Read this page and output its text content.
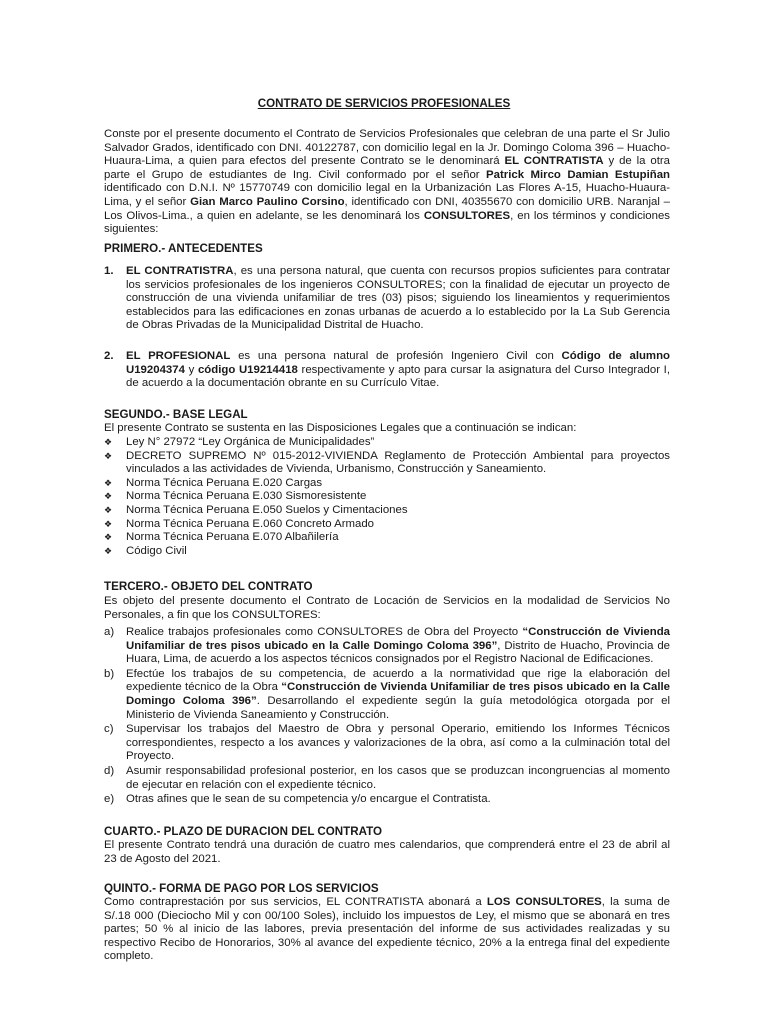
CONTRATO DE SERVICIOS PROFESIONALES
Conste por el presente documento el Contrato de Servicios Profesionales que celebran de una parte el Sr Julio Salvador Grados, identificado con DNI. 40122787, con domicilio legal en la Jr. Domingo Coloma 396 – Huacho-Huaura-Lima, a quien para efectos del presente Contrato se le denominará EL CONTRATISTA y de la otra parte el Grupo de estudiantes de Ing. Civil conformado por el señor Patrick Mirco Damian Estupiñan identificado con D.N.I. Nº 15770749 con domicilio legal en la Urbanización Las Flores A-15, Huacho-Huaura-Lima, y el señor Gian Marco Paulino Corsino, identificado con DNI, 40355670 con domicilio URB. Naranjal – Los Olivos-Lima., a quien en adelante, se les denominará los CONSULTORES, en los términos y condiciones siguientes:
PRIMERO.- ANTECEDENTES
1.	EL CONTRATISTRA, es una persona natural, que cuenta con recursos propios suficientes para contratar los servicios profesionales de los ingenieros CONSULTORES; con la finalidad de ejecutar un proyecto de construcción de una vivienda unifamiliar de tres (03) pisos; siguiendo los lineamientos y requerimientos establecidos para las edificaciones en zonas urbanas de acuerdo a lo establecido por la La Sub Gerencia de Obras Privadas de la Municipalidad Distrital de Huacho.
2.	EL PROFESIONAL es una persona natural de profesión Ingeniero Civil con Código de alumno U19204374 y código U19214418 respectivamente y apto para cursar la asignatura del Curso Integrador I, de acuerdo a la documentación obrante en su Currículo Vitae.
SEGUNDO.- BASE LEGAL
El presente Contrato se sustenta en las Disposiciones Legales que a continuación se indican:
❖ Ley N° 27972 “Ley Orgánica de Municipalidades”
❖ DECRETO SUPREMO Nº 015-2012-VIVIENDA Reglamento de Protección Ambiental para proyectos vinculados a las actividades de Vivienda, Urbanismo, Construcción y Saneamiento.
❖ Norma Técnica Peruana E.020 Cargas
❖ Norma Técnica Peruana E.030 Sismoresistente
❖ Norma Técnica Peruana E.050 Suelos y Cimentaciones
❖ Norma Técnica Peruana E.060 Concreto Armado
❖ Norma Técnica Peruana E.070 Albañilería
❖ Código Civil
TERCERO.- OBJETO DEL CONTRATO
Es objeto del presente documento el Contrato de Locación de Servicios en la modalidad de Servicios No Personales, a fin que los CONSULTORES:
a) Realice trabajos profesionales como CONSULTORES de Obra del Proyecto “Construcción de Vivienda Unifamiliar de tres pisos ubicado en la Calle Domingo Coloma 396”, Distrito de Huacho, Provincia de Huara, Lima, de acuerdo a los aspectos técnicos consignados por el Registro Nacional de Edificaciones.
b) Efectúe los trabajos de su competencia, de acuerdo a la normatividad que rige la elaboración del expediente técnico de la Obra “Construcción de Vivienda Unifamiliar de tres pisos ubicado en la Calle Domingo Coloma 396”. Desarrollando el expediente según la guía metodológica otorgada por el Ministerio de Vivienda Saneamiento y Construcción.
c) Supervisar los trabajos del Maestro de Obra y personal Operario, emitiendo los Informes Técnicos correspondientes, respecto a los avances y valorizaciones de la obra, así como a la culminación total del Proyecto.
d) Asumir responsabilidad profesional posterior, en los casos que se produzcan incongruencias al momento de ejecutar en relación con el expediente técnico.
e) Otras afines que le sean de su competencia y/o encargue el Contratista.
CUARTO.- PLAZO DE DURACION DEL CONTRATO
El presente Contrato tendrá una duración de cuatro mes calendarios, que comprenderá entre el 23 de abril al 23 de Agosto del 2021.
QUINTO.- FORMA DE PAGO POR LOS SERVICIOS
Como contraprestación por sus servicios, EL CONTRATISTA abonará a LOS CONSULTORES, la suma de S/.18 000 (Dieciocho Mil y con 00/100 Soles), incluido los impuestos de Ley, el mismo que se abonará en tres partes; 50 % al inicio de las labores, previa presentación del informe de sus actividades realizadas y su respectivo Recibo de Honorarios, 30% al avance del expediente técnico, 20% a la entrega final del expediente completo.
